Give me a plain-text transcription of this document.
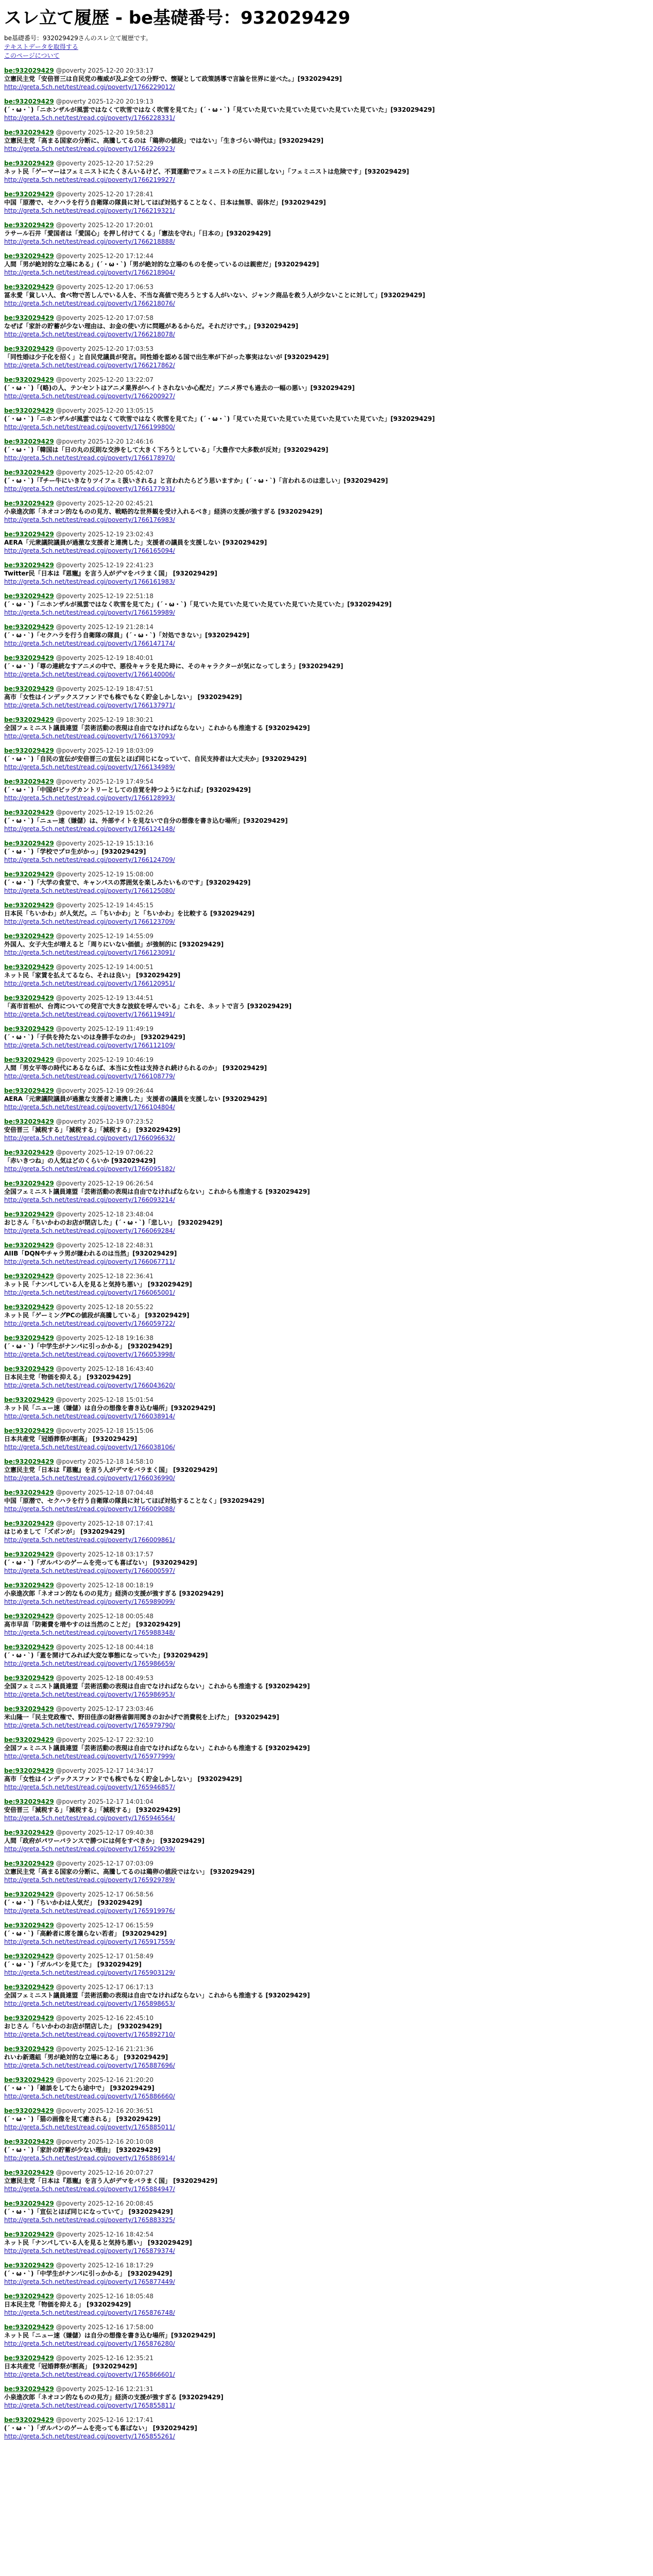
スレ立て履歴 - be基礎番号：932029429
be基礎番号：932029429さんのスレ立て履歴です。
テキストデータを取得する
このページについて
be:932029429 @poverty 2025-12-20 20:33:17
立憲民主党「安倍晋三は自民党の権威が及ぶ全ての分野で、懐疑として政策誘導で言論を世界に並べた。」[932029429]
http://greta.5ch.net/test/read.cgi/poverty/1766229012/
be:932029429 @poverty 2025-12-20 20:19:13
(´・ω・`)「ニホンザルが風雲ではなくて吹雪ではなく吹雪を見てた」(´・ω・`)「見ていた見ていた見ていた見ていた見ていた見ていた」[932029429]
http://greta.5ch.net/test/read.cgi/poverty/1766228331/
be:932029429 @poverty 2025-12-20 19:58:23
立憲民主党「高まる国家の分断に、高騰してるのは「鶏卵の値段」ではない」「生きづらい時代は」[932029429]
http://greta.5ch.net/test/read.cgi/poverty/1766226923/
be:932029429 @poverty 2025-12-20 17:52:29
ネット民「ゲーマーはフェミニストにたくさんいるけど、不買運動でフェミニストの圧力に屈しない」「フェミニストは危険です」[932029429]
http://greta.5ch.net/test/read.cgi/poverty/1766219927/
be:932029429 @poverty 2025-12-20 17:28:41
中国「原潜で、セクハラを行う自衛隊の隊員に対してほぼ対処することなく、日本は無罪、弱体だ」[932029429]
http://greta.5ch.net/test/read.cgi/poverty/1766219321/
be:932029429 @poverty 2025-12-20 17:20:01
ラサール石井「愛国者は「愛国心」を押し付けてくる」「憲法を守れ」「日本の」[932029429]
http://greta.5ch.net/test/read.cgi/poverty/1766218888/
be:932029429 @poverty 2025-12-20 17:12:44
人間「男が絶対的な立場にある」(´・ω・`)「男が絶対的な立場のものを使っているのは親密だ」[932029429]
http://greta.5ch.net/test/read.cgi/poverty/1766218904/
be:932029429 @poverty 2025-12-20 17:06:53
冨永愛「貧しい人、食べ物で苦しんでいる人を、不当な高値で売ろうとする人がいない、ジャンク商品を救う人が少ないことに対して」[932029429]
http://greta.5ch.net/test/read.cgi/poverty/1766218076/
be:932029429 @poverty 2025-12-20 17:07:58
なぜば「家計の貯蓄が少ない理由は、お金の使い方に問題があるからだ。それだけです。」[932029429]
http://greta.5ch.net/test/read.cgi/poverty/1766218078/
be:932029429 @poverty 2025-12-20 17:03:53
「同性婚は少子化を招く」と自民党議員が発言。同性婚を認める国で出生率が下がった事実はないが [932029429]
http://greta.5ch.net/test/read.cgi/poverty/1766217862/
be:932029429 @poverty 2025-12-20 13:22:07
(´・ω・`)「(略)の人、テンセントはアニメ業界がヘイトされないか心配だ」アニメ界でも過去の一幅の悪い」[932029429]
http://greta.5ch.net/test/read.cgi/poverty/1766200927/
be:932029429 @poverty 2025-12-20 13:05:15
(´・ω・`)「ニホンザルが風雲ではなくて吹雪ではなく吹雪を見てた」(´・ω・`)「見ていた見ていた見ていた見ていた見ていた見ていた」[932029429]
http://greta.5ch.net/test/read.cgi/poverty/1766199800/
be:932029429 @poverty 2025-12-20 12:46:16
(´・ω・`)「韓国は「日の丸の反則な交渉をして大きく下ろうとしている」「大豊作で大多数が反対」[932029429]
http://greta.5ch.net/test/read.cgi/poverty/1766178970/
be:932029429 @poverty 2025-12-20 05:42:07
(´・ω・`)「『チー牛にいきなりツイフェミ扱いされる』と言われたらどう思いますか」(´・ω・`)「言われるのは悲しい」[932029429]
http://greta.5ch.net/test/read.cgi/poverty/1766177931/
be:932029429 @poverty 2025-12-20 02:45:21
小泉進次郎「ネオコン的なものの見方、戦略的な世界観を受け入れるべき」経済の支援が強すぎる [932029429]
http://greta.5ch.net/test/read.cgi/poverty/1766176983/
be:932029429 @poverty 2025-12-19 23:02:43
AERA「元衆議院議員が過激な支援者と連携した」支援者の議員を支援しない [932029429]
http://greta.5ch.net/test/read.cgi/poverty/1766165094/
be:932029429 @poverty 2025-12-19 22:41:23
Twitter民「日本は『恩寵』を言う人がデマをバラまく国」 [932029429]
http://greta.5ch.net/test/read.cgi/poverty/1766161983/
be:932029429 @poverty 2025-12-19 22:51:18
(´・ω・`)「ニホンザルが風雲ではなく吹雪を見てた」(´・ω・`)「見ていた見ていた見ていた見ていた見ていた見ていた」[932029429]
http://greta.5ch.net/test/read.cgi/poverty/1766159989/
be:932029429 @poverty 2025-12-19 21:28:14
(´・ω・`)「セクハラを行う自衛隊の隊員」(´・ω・`)「対処できない」[932029429]
http://greta.5ch.net/test/read.cgi/poverty/1766147174/
be:932029429 @poverty 2025-12-19 18:40:01
(´・ω・`)「尊の連続なすアニメの中で、悪役キャラを見た時に、そのキャラクターが気になってしまう」[932029429]
http://greta.5ch.net/test/read.cgi/poverty/1766140006/
be:932029429 @poverty 2025-12-19 18:47:51
高市「女性はインデックスファンドでも株でもなく貯金しかしない」 [932029429]
http://greta.5ch.net/test/read.cgi/poverty/1766137971/
be:932029429 @poverty 2025-12-19 18:30:21
全国フェミニスト議員連盟「芸術活動の表現は自由でなければならない」これからも推進する [932029429]
http://greta.5ch.net/test/read.cgi/poverty/1766137093/
be:932029429 @poverty 2025-12-19 18:03:09
(´・ω・`)「自民の宣伝が安倍晋三の宣伝とほぼ同じになっていて、自民支持者は大丈夫か」[932029429]
http://greta.5ch.net/test/read.cgi/poverty/1766134989/
be:932029429 @poverty 2025-12-19 17:49:54
(´・ω・`)「中国がビッグカントリーとしての自覚を持つようになれば」[932029429]
http://greta.5ch.net/test/read.cgi/poverty/1766128993/
be:932029429 @poverty 2025-12-19 15:02:26
(´・ω・`)「ニュー速（嫌儲）は、外部サイトを見ないで自分の想像を書き込む場所」[932029429]
http://greta.5ch.net/test/read.cgi/poverty/1766124148/
be:932029429 @poverty 2025-12-19 15:13:16
(´・ω・`)「学校でプロ生がかっ」[932029429]
http://greta.5ch.net/test/read.cgi/poverty/1766124709/
be:932029429 @poverty 2025-12-19 15:08:00
(´・ω・`)「大学の食堂で、キャンパスの雰囲気を楽しみたいものです」[932029429]
http://greta.5ch.net/test/read.cgi/poverty/1766125080/
be:932029429 @poverty 2025-12-19 14:45:15
日本民「ちいかわ」が人気だ。ニ「ちいかわ」と「ちいかわ」を比較する [932029429]
http://greta.5ch.net/test/read.cgi/poverty/1766123709/
be:932029429 @poverty 2025-12-19 14:55:09
外国人、女子大生が増えると「周りにいない価値」が強制的に [932029429]
http://greta.5ch.net/test/read.cgi/poverty/1766123091/
be:932029429 @poverty 2025-12-19 14:00:51
ネット民「家賃を払えてるなら、それは良い」 [932029429]
http://greta.5ch.net/test/read.cgi/poverty/1766120951/
be:932029429 @poverty 2025-12-19 13:44:51
「高市首相が、台湾についての発言で大きな波紋を呼んでいる」これを、ネットで言う [932029429]
http://greta.5ch.net/test/read.cgi/poverty/1766119491/
be:932029429 @poverty 2025-12-19 11:49:19
(´・ω・`)「子供を持たないのは身勝手なのか」 [932029429]
http://greta.5ch.net/test/read.cgi/poverty/1766112109/
be:932029429 @poverty 2025-12-19 10:46:19
人間「男女平等の時代にあるならば、本当に女性は支持され続けられるのか」 [932029429]
http://greta.5ch.net/test/read.cgi/poverty/1766108779/
be:932029429 @poverty 2025-12-19 09:26:44
AERA「元衆議院議員が過激な支援者と連携した」支援者の議員を支援しない [932029429]
http://greta.5ch.net/test/read.cgi/poverty/1766104804/
be:932029429 @poverty 2025-12-19 07:23:52
安倍晋三「減税する」「減税する」「減税する」 [932029429]
http://greta.5ch.net/test/read.cgi/poverty/1766096632/
be:932029429 @poverty 2025-12-19 07:06:22
「赤いきつね」の人気はどのくらいか [932029429]
http://greta.5ch.net/test/read.cgi/poverty/1766095182/
be:932029429 @poverty 2025-12-19 06:26:54
全国フェミニスト議員連盟「芸術活動の表現は自由でなければならない」これからも推進する [932029429]
http://greta.5ch.net/test/read.cgi/poverty/1766093214/
be:932029429 @poverty 2025-12-18 23:48:04
おじさん「ちいかわのお店が閉店した」(´・ω・`)「悲しい」 [932029429]
http://greta.5ch.net/test/read.cgi/poverty/1766069284/
be:932029429 @poverty 2025-12-18 22:48:31
AIIB「DQNやチャラ男が嫌われるのは当然」[932029429]
http://greta.5ch.net/test/read.cgi/poverty/1766067711/
be:932029429 @poverty 2025-12-18 22:36:41
ネット民「ナンパしている人を見ると気持ち悪い」 [932029429]
http://greta.5ch.net/test/read.cgi/poverty/1766065001/
be:932029429 @poverty 2025-12-18 20:55:22
ネット民「ゲーミングPCの値段が高騰している」 [932029429]
http://greta.5ch.net/test/read.cgi/poverty/1766059722/
be:932029429 @poverty 2025-12-18 19:16:38
(´・ω・`)「中学生がナンパに引っかかる」 [932029429]
http://greta.5ch.net/test/read.cgi/poverty/1766053998/
be:932029429 @poverty 2025-12-18 16:43:40
日本民主党「物価を抑える」 [932029429]
http://greta.5ch.net/test/read.cgi/poverty/1766043620/
be:932029429 @poverty 2025-12-18 15:01:54
ネット民「ニュー速（嫌儲）は自分の想像を書き込む場所」[932029429]
http://greta.5ch.net/test/read.cgi/poverty/1766038914/
be:932029429 @poverty 2025-12-18 15:15:06
日本共産党「冠婚葬祭が割高」 [932029429]
http://greta.5ch.net/test/read.cgi/poverty/1766038106/
be:932029429 @poverty 2025-12-18 14:58:10
立憲民主党「日本は『恩寵』を言う人がデマをバラまく国」 [932029429]
http://greta.5ch.net/test/read.cgi/poverty/1766036990/
be:932029429 @poverty 2025-12-18 07:04:48
中国「原潜で、セクハラを行う自衛隊の隊員に対してほぼ対処することなく」[932029429]
http://greta.5ch.net/test/read.cgi/poverty/1766009088/
be:932029429 @poverty 2025-12-18 07:17:41
はじめまして「ズボンが」 [932029429]
http://greta.5ch.net/test/read.cgi/poverty/1766009861/
be:932029429 @poverty 2025-12-18 03:17:57
(´・ω・`)「ガルパンのゲームを売っても喜ばない」 [932029429]
http://greta.5ch.net/test/read.cgi/poverty/1766000597/
be:932029429 @poverty 2025-12-18 00:18:19
小泉進次郎「ネオコン的なものの見方」経済の支援が強すぎる [932029429]
http://greta.5ch.net/test/read.cgi/poverty/1765989099/
be:932029429 @poverty 2025-12-18 00:05:48
高市早苗「防衛費を増やすのは当然のことだ」 [932029429]
http://greta.5ch.net/test/read.cgi/poverty/1765988348/
be:932029429 @poverty 2025-12-18 00:44:18
(´・ω・`)「蓋を開けてみれば大変な事態になっていた」[932029429]
http://greta.5ch.net/test/read.cgi/poverty/1765986659/
be:932029429 @poverty 2025-12-18 00:49:53
全国フェミニスト議員連盟「芸術活動の表現は自由でなければならない」これからも推進する [932029429]
http://greta.5ch.net/test/read.cgi/poverty/1765986953/
be:932029429 @poverty 2025-12-17 23:03:46
米山隆一「民主党政権で、野田佳彦の財務省御用聞きのおかげで消費税を上げた」 [932029429]
http://greta.5ch.net/test/read.cgi/poverty/1765979790/
be:932029429 @poverty 2025-12-17 22:32:10
全国フェミニスト議員連盟「芸術活動の表現は自由でなければならない」これからも推進する [932029429]
http://greta.5ch.net/test/read.cgi/poverty/1765977999/
be:932029429 @poverty 2025-12-17 14:34:17
高市「女性はインデックスファンドでも株でもなく貯金しかしない」 [932029429]
http://greta.5ch.net/test/read.cgi/poverty/1765946857/
be:932029429 @poverty 2025-12-17 14:01:04
安倍晋三「減税する」「減税する」「減税する」 [932029429]
http://greta.5ch.net/test/read.cgi/poverty/1765946564/
be:932029429 @poverty 2025-12-17 09:40:38
人間「政府がパワーバランスで勝つには何をすべきか」 [932029429]
http://greta.5ch.net/test/read.cgi/poverty/1765929039/
be:932029429 @poverty 2025-12-17 07:03:09
立憲民主党「高まる国家の分断に、高騰してるのは鶏卵の値段ではない」 [932029429]
http://greta.5ch.net/test/read.cgi/poverty/1765929789/
be:932029429 @poverty 2025-12-17 06:58:56
(´・ω・`)「ちいかわは人気だ」 [932029429]
http://greta.5ch.net/test/read.cgi/poverty/1765919976/
be:932029429 @poverty 2025-12-17 06:15:59
(´・ω・`)「高齢者に席を譲らない若者」 [932029429]
http://greta.5ch.net/test/read.cgi/poverty/1765917559/
be:932029429 @poverty 2025-12-17 01:58:49
(´・ω・`)「ガルパンを見てた」 [932029429]
http://greta.5ch.net/test/read.cgi/poverty/1765903129/
be:932029429 @poverty 2025-12-17 06:17:13
全国フェミニスト議員連盟「芸術活動の表現は自由でなければならない」これからも推進する [932029429]
http://greta.5ch.net/test/read.cgi/poverty/1765898653/
be:932029429 @poverty 2025-12-16 22:45:10
おじさん「ちいかわのお店が閉店した」 [932029429]
http://greta.5ch.net/test/read.cgi/poverty/1765892710/
be:932029429 @poverty 2025-12-16 21:21:36
れいわ新選組「男が絶対的な立場にある」 [932029429]
http://greta.5ch.net/test/read.cgi/poverty/1765887696/
be:932029429 @poverty 2025-12-16 21:20:20
(´・ω・`)「雑談をしてたら途中で」 [932029429]
http://greta.5ch.net/test/read.cgi/poverty/1765886660/
be:932029429 @poverty 2025-12-16 20:36:51
(´・ω・`)「猫の画像を見て癒される」 [932029429]
http://greta.5ch.net/test/read.cgi/poverty/1765885011/
be:932029429 @poverty 2025-12-16 20:10:08
(´・ω・`)「家計の貯蓄が少ない理由」 [932029429]
http://greta.5ch.net/test/read.cgi/poverty/1765886914/
be:932029429 @poverty 2025-12-16 20:07:27
立憲民主党「日本は『恩寵』を言う人がデマをバラまく国」 [932029429]
http://greta.5ch.net/test/read.cgi/poverty/1765884947/
be:932029429 @poverty 2025-12-16 20:08:45
(´・ω・`)「宣伝とほぼ同じになっていて」 [932029429]
http://greta.5ch.net/test/read.cgi/poverty/1765883325/
be:932029429 @poverty 2025-12-16 18:42:54
ネット民「ナンパしている人を見ると気持ち悪い」 [932029429]
http://greta.5ch.net/test/read.cgi/poverty/1765879374/
be:932029429 @poverty 2025-12-16 18:17:29
(´・ω・`)「中学生がナンパに引っかかる」 [932029429]
http://greta.5ch.net/test/read.cgi/poverty/1765877449/
be:932029429 @poverty 2025-12-16 18:05:48
日本民主党「物価を抑える」 [932029429]
http://greta.5ch.net/test/read.cgi/poverty/1765876748/
be:932029429 @poverty 2025-12-16 17:58:00
ネット民「ニュー速（嫌儲）は自分の想像を書き込む場所」[932029429]
http://greta.5ch.net/test/read.cgi/poverty/1765876280/
be:932029429 @poverty 2025-12-16 12:35:21
日本共産党「冠婚葬祭が割高」 [932029429]
http://greta.5ch.net/test/read.cgi/poverty/1765866601/
be:932029429 @poverty 2025-12-16 12:21:31
小泉進次郎「ネオコン的なものの見方」経済の支援が強すぎる [932029429]
http://greta.5ch.net/test/read.cgi/poverty/1765855811/
be:932029429 @poverty 2025-12-16 12:17:41
(´・ω・`)「ガルパンのゲームを売っても喜ばない」 [932029429]
http://greta.5ch.net/test/read.cgi/poverty/1765855261/
